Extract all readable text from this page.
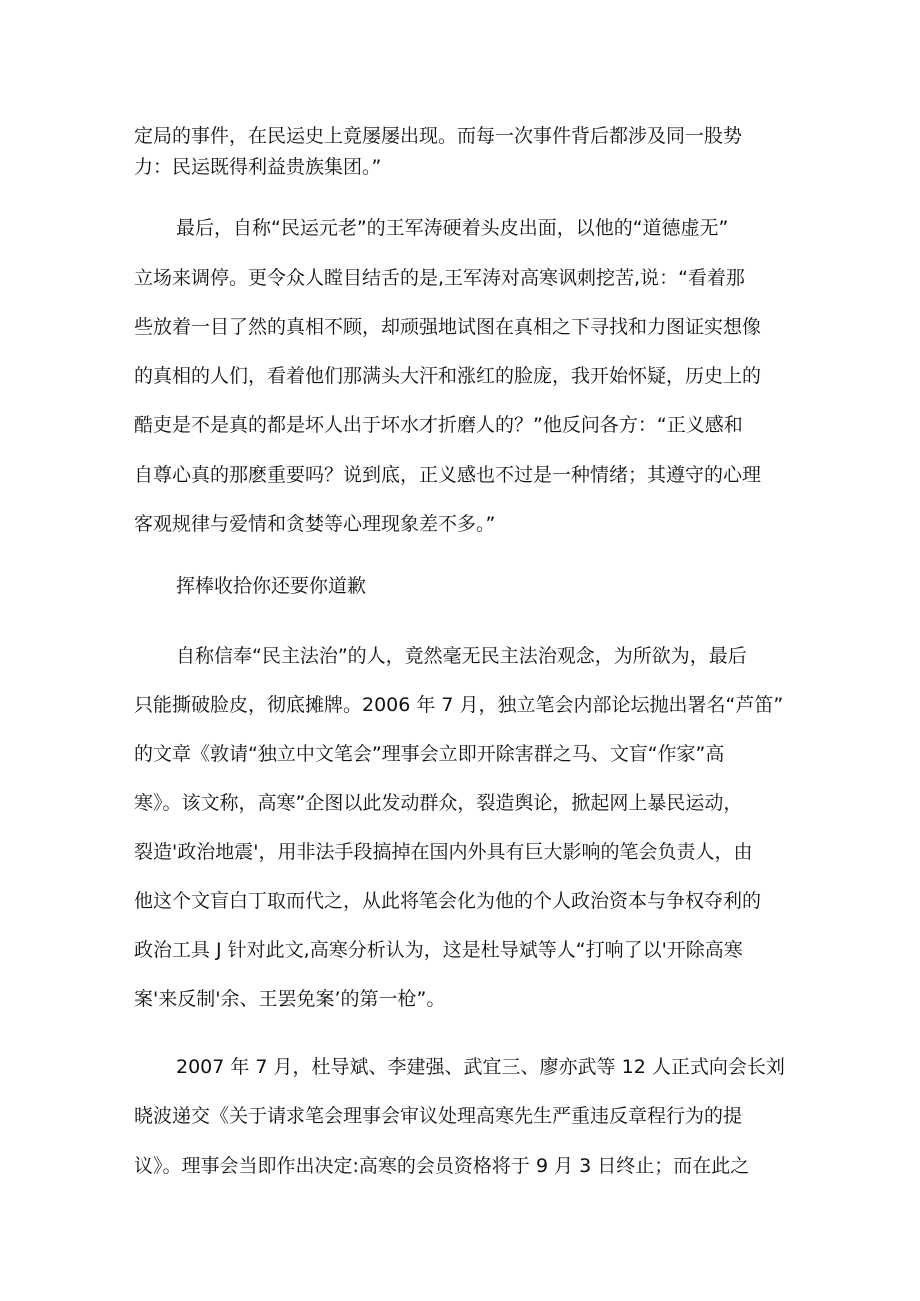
定局的事件，在民运史上竟屡屡出现。而每一次事件背后都涉及同一股势
力：民运既得利益贵族集团。”
最后，自称“民运元老”的王军涛硬着头皮出面，以他的“道德虚无”
立场来调停。更令众人瞠目结舌的是,王军涛对高寒讽刺挖苦,说：“看着那
些放着一目了然的真相不顾，却顽强地试图在真相之下寻找和力图证实想像
的真相的人们，看着他们那满头大汗和涨红的脸庞，我开始怀疑，历史上的
酷吏是不是真的都是坏人出于坏水才折磨人的？”他反问各方：“正义感和
自尊心真的那麽重要吗？说到底，正义感也不过是一种情绪；其遵守的心理
客观规律与爱情和贪婪等心理现象差不多。”
挥棒收拾你还要你道歉
自称信奉“民主法治”的人，竟然毫无民主法治观念，为所欲为，最后
只能撕破脸皮，彻底摊牌。2006 年 7 月，独立笔会内部论坛抛出署名“芦笛”
的文章《敦请“独立中文笔会”理事会立即开除害群之马、文盲“作家”高
寒》。该文称，高寒”企图以此发动群众，裂造舆论，掀起网上暴民运动，
裂造'政治地震'，用非法手段搞掉在国内外具有巨大影响的笔会负责人，由
他这个文盲白丁取而代之，从此将笔会化为他的个人政治资本与争权夺利的
政治工具 J 针对此文,高寒分析认为，这是杜导斌等人“打响了以'开除高寒
案'来反制'余、王罢免案’的第一枪”。
2007 年 7 月，杜导斌、李建强、武宜三、廖亦武等 12 人正式向会长刘
晓波递交《关于请求笔会理事会审议处理高寒先生严重违反章程行为的提
议》。理事会当即作出决定:高寒的会员资格将于 9 月 3 日终止；而在此之
